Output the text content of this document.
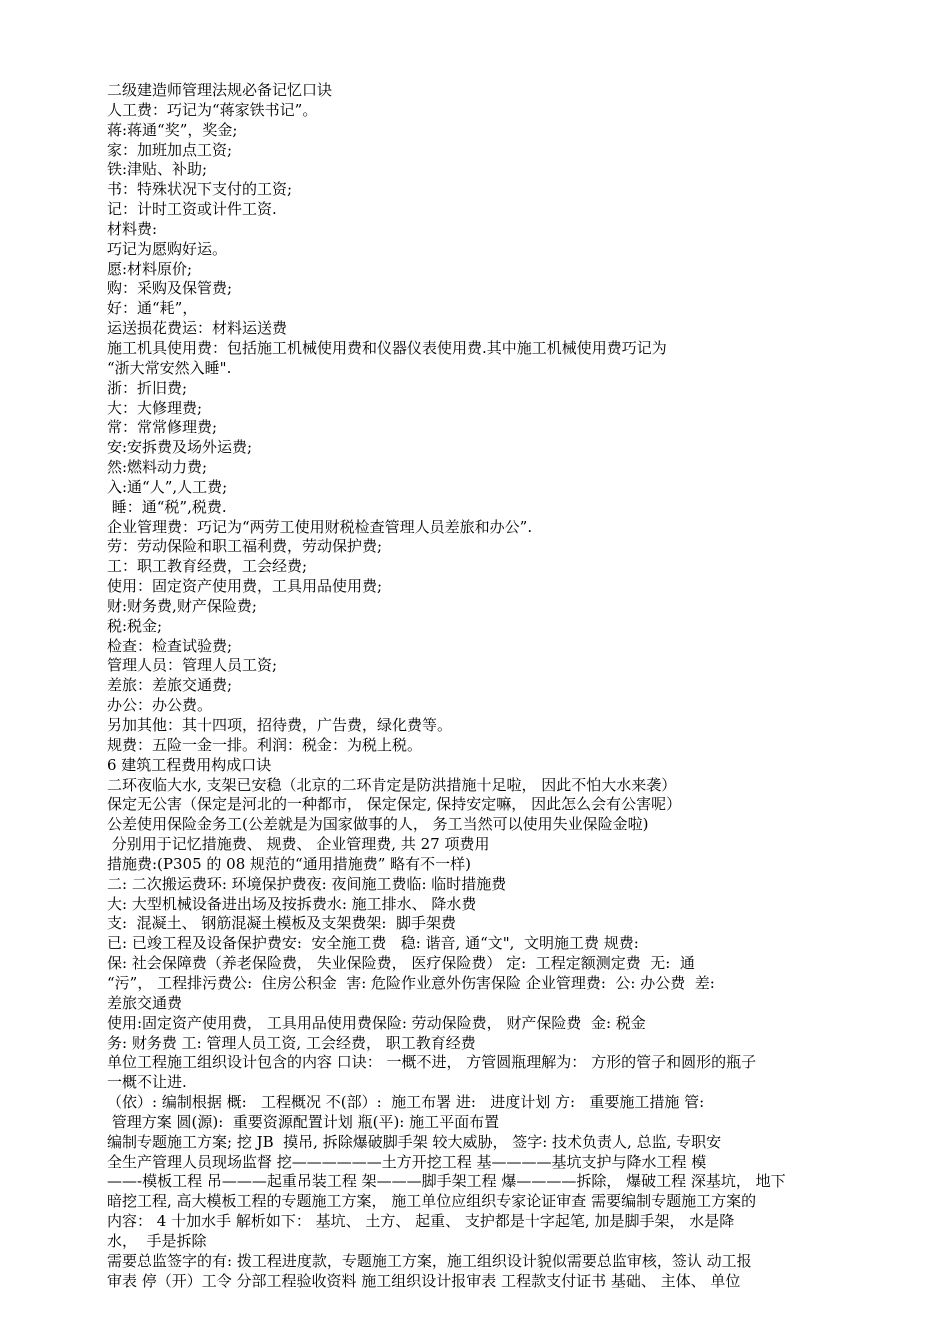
二级建造师管理法规必备记忆口诀
人工费：巧记为“蒋家铁书记”。
蒋:蒋通“奖”，奖金;
家：加班加点工资;
铁:津贴、补助;
书：特殊状况下支付的工资;
记：计时工资或计件工资.
材料费:
巧记为愿购好运。
愿:材料原价;
购：采购及保管费;
好：通“耗”，
运送损花费运：材料运送费
施工机具使用费：包括施工机械使用费和仪器仪表使用费.其中施工机械使用费巧记为
“浙大常安然入睡".
浙：折旧费;
大：大修理费;
常：常常修理费;
安:安拆费及场外运费;
然:燃料动力费;
入:通“人”,人工费;
睡：通“税”,税费.
企业管理费：巧记为“两劳工使用财税检查管理人员差旅和办公”.
劳：劳动保险和职工福利费，劳动保护费;
工：职工教育经费，工会经费;
使用：固定资产使用费，工具用品使用费;
财:财务费,财产保险费;
税:税金;
检查：检查试验费;
管理人员：管理人员工资;
差旅：差旅交通费;
办公：办公费。
另加其他：其十四项，招待费，广告费，绿化费等。
规费：五险一金一排。利润：税金：为税上税。
6 建筑工程费用构成口诀
二环夜临大水, 支架已安稳（北京的二环肯定是防洪措施十足啦， 因此不怕大水来袭）
保定无公害（保定是河北的一种都市， 保定保定, 保持安定嘛， 因此怎么会有公害呢）
公差使用保险金务工(公差就是为国家做事的人， 务工当然可以使用失业保险金啦)
分别用于记忆措施费、 规费、 企业管理费, 共 27 项费用
措施费:(P305 的 08 规范的“通用措施费” 略有不一样)
二: 二次搬运费环: 环境保护费夜: 夜间施工费临: 临时措施费
大: 大型机械设备进出场及按拆费水: 施工排水、 降水费
支:  混凝土、 钢筋混凝土模板及支架费架:  脚手架费
已: 已竣工程及设备保护费安:  安全施工费   稳: 谐音, 通“文",  文明施工费 规费:
保: 社会保障费（养老保险费， 失业保险费， 医疗保险费） 定:  工程定额测定费  无:  通
“污”， 工程排污费公:  住房公积金  害: 危险作业意外伤害保险 企业管理费:  公: 办公费  差:
差旅交通费
使用:固定资产使用费， 工具用品使用费保险: 劳动保险费， 财产保险费  金: 税金
务: 财务费 工: 管理人员工资, 工会经费， 职工教育经费
单位工程施工组织设计包含的内容 口诀： 一概不进， 方管圆瓶理解为： 方形的管子和圆形的瓶子
一概不让进.
（依）: 编制根据 概:   工程概况 不(部）:  施工布署 进:   进度计划 方:   重要施工措施 管:
管理方案 圆(源):  重要资源配置计划 瓶(平): 施工平面布置
编制专题施工方案; 挖 JB  摸吊, 拆除爆破脚手架 较大威胁， 签字: 技术负责人, 总监, 专职安
全生产管理人员现场监督 挖——————土方开挖工程 基————基坑支护与降水工程 模
——-模板工程 吊———起重吊装工程 架———脚手架工程 爆————拆除， 爆破工程 深基坑， 地下
暗挖工程, 高大模板工程的专题施工方案， 施工单位应组织专家论证审查 需要编制专题施工方案的
内容： 4 十加水手 解析如下： 基坑、 土方、 起重、 支护都是十字起笔, 加是脚手架， 水是降
水，  手是拆除
需要总监签字的有: 拨工程进度款，专题施工方案，施工组织设计貌似需要总监审核，签认 动工报
审表 停（开）工令 分部工程验收资料 施工组织设计报审表 工程款支付证书 基础、 主体、 单位
